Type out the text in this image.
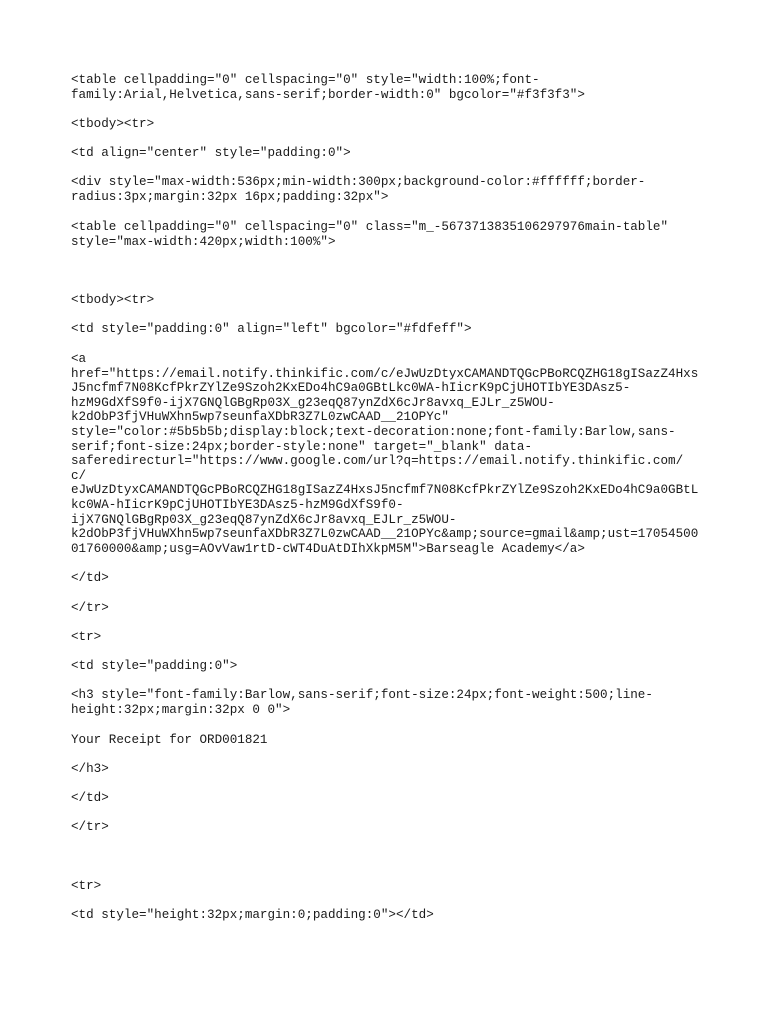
<table cellpadding="0" cellspacing="0" style="width:100%;font-
family:Arial,Helvetica,sans-serif;border-width:0" bgcolor="#f3f3f3">

<tbody><tr>

<td align="center" style="padding:0">

<div style="max-width:536px;min-width:300px;background-color:#ffffff;border-
radius:3px;margin:32px 16px;padding:32px">

<table cellpadding="0" cellspacing="0" class="m_-5673713835106297976main-table"
style="max-width:420px;width:100%">

<tbody><tr>

<td style="padding:0" align="left" bgcolor="#fdfeff">

<a
href="https://email.notify.thinkific.com/c/eJwUzDtyxCAMANDTQGcPBoRCQZHG18gISazZ4Hxs
J5ncfmf7N08KcfPkrZYlZe9Szoh2KxEDo4hC9a0GBtLkc0WA-hIicrK9pCjUHOTIbYE3DAsz5-
hzM9GdXfS9f0-ijX7GNQlGBgRp03X_g23eqQ87ynZdX6cJr8avxq_EJLr_z5WOU-
k2dObP3fjVHuWXhn5wp7seunfaXDbR3Z7L0zwCAAD__21OPYc"
style="color:#5b5b5b;display:block;text-decoration:none;font-family:Barlow,sans-
serif;font-size:24px;border-style:none" target="_blank" data-
saferedirecturl="https://www.google.com/url?q=https://email.notify.thinkific.com/
c/
eJwUzDtyxCAMANDTQGcPBoRCQZHG18gISazZ4HxsJ5ncfmf7N08KcfPkrZYlZe9Szoh2KxEDo4hC9a0GBtL
kc0WA-hIicrK9pCjUHOTIbYE3DAsz5-hzM9GdXfS9f0-
ijX7GNQlGBgRp03X_g23eqQ87ynZdX6cJr8avxq_EJLr_z5WOU-
k2dObP3fjVHuWXhn5wp7seunfaXDbR3Z7L0zwCAAD__21OPYc&amp;source=gmail&amp;ust=17054500
01760000&amp;usg=AOvVaw1rtD-cWT4DuAtDIhXkpM5M">Barseagle Academy</a>

</td>

</tr>

<tr>

<td style="padding:0">

<h3 style="font-family:Barlow,sans-serif;font-size:24px;font-weight:500;line-
height:32px;margin:32px 0 0">

Your Receipt for ORD001821

</h3>

</td>

</tr>

<tr>

<td style="height:32px;margin:0;padding:0"></td>
